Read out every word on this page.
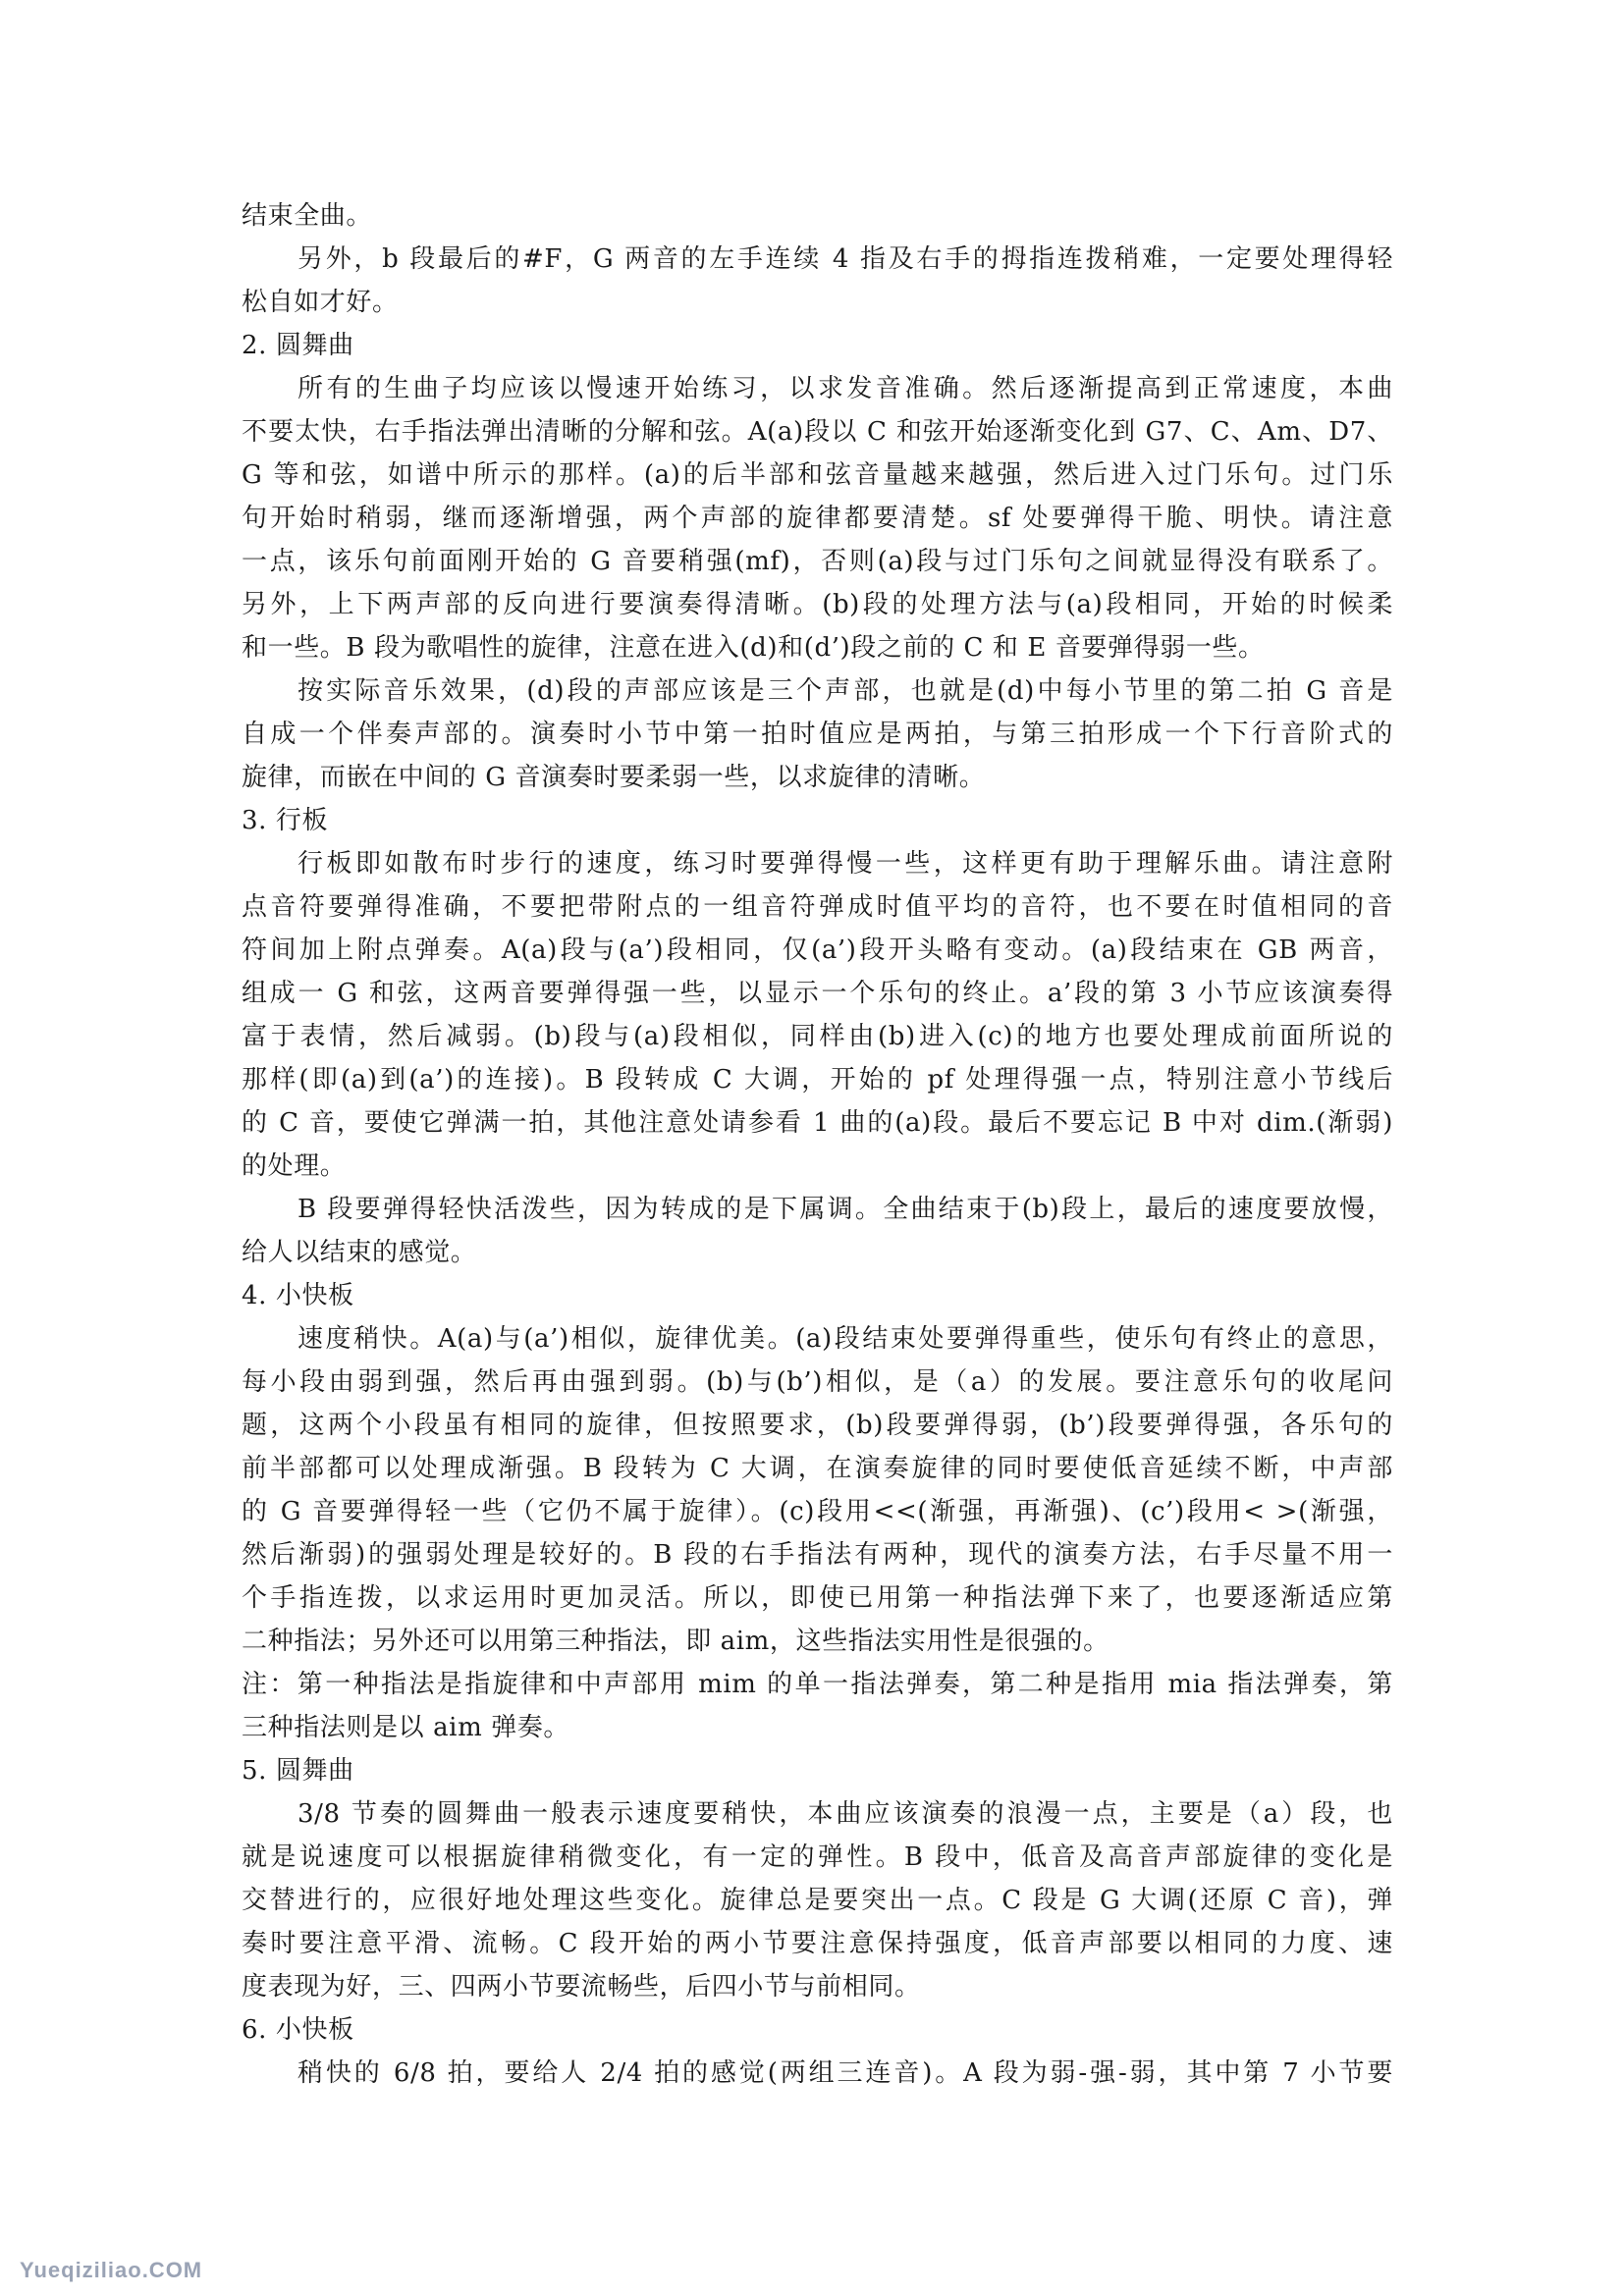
结束全曲。
另外，b 段最后的#F，G 两音的左手连续 4 指及右手的拇指连拨稍难，一定要处理得轻
松自如才好。
2. 圆舞曲
所有的生曲子均应该以慢速开始练习，以求发音准确。然后逐渐提高到正常速度，本曲
不要太快，右手指法弹出清晰的分解和弦。A(a)段以 C 和弦开始逐渐变化到 G7、C、Am、D7、
G 等和弦，如谱中所示的那样。(a)的后半部和弦音量越来越强，然后进入过门乐句。过门乐
句开始时稍弱，继而逐渐增强，两个声部的旋律都要清楚。sf 处要弹得干脆、明快。请注意
一点，该乐句前面刚开始的 G 音要稍强(mf)，否则(a)段与过门乐句之间就显得没有联系了。
另外，上下两声部的反向进行要演奏得清晰。(b)段的处理方法与(a)段相同，开始的时候柔
和一些。B 段为歌唱性的旋律，注意在进入(d)和(d’)段之前的 C 和 E 音要弹得弱一些。
按实际音乐效果，(d)段的声部应该是三个声部，也就是(d)中每小节里的第二拍 G 音是
自成一个伴奏声部的。演奏时小节中第一拍时值应是两拍，与第三拍形成一个下行音阶式的
旋律，而嵌在中间的 G 音演奏时要柔弱一些，以求旋律的清晰。
3. 行板
行板即如散布时步行的速度，练习时要弹得慢一些，这样更有助于理解乐曲。请注意附
点音符要弹得准确，不要把带附点的一组音符弹成时值平均的音符，也不要在时值相同的音
符间加上附点弹奏。A(a)段与(a’)段相同，仅(a’)段开头略有变动。(a)段结束在 GB 两音，
组成一 G 和弦，这两音要弹得强一些，以显示一个乐句的终止。a’段的第 3 小节应该演奏得
富于表情，然后减弱。(b)段与(a)段相似，同样由(b)进入(c)的地方也要处理成前面所说的
那样(即(a)到(a’)的连接)。B 段转成 C 大调，开始的 pf 处理得强一点，特别注意小节线后
的 C 音，要使它弹满一拍，其他注意处请参看 1 曲的(a)段。最后不要忘记 B 中对 dim.(渐弱)
的处理。
B 段要弹得轻快活泼些，因为转成的是下属调。全曲结束于(b)段上，最后的速度要放慢，
给人以结束的感觉。
4. 小快板
速度稍快。A(a)与(a’)相似，旋律优美。(a)段结束处要弹得重些，使乐句有终止的意思，
每小段由弱到强，然后再由强到弱。(b)与(b’)相似，是（a）的发展。要注意乐句的收尾问
题，这两个小段虽有相同的旋律，但按照要求，(b)段要弹得弱，(b’)段要弹得强，各乐句的
前半部都可以处理成渐强。B 段转为 C 大调，在演奏旋律的同时要使低音延续不断，中声部
的 G 音要弹得轻一些（它仍不属于旋律）。(c)段用<<(渐强，再渐强)、(c’)段用< >(渐强，
然后渐弱)的强弱处理是较好的。B 段的右手指法有两种，现代的演奏方法，右手尽量不用一
个手指连拨，以求运用时更加灵活。所以，即使已用第一种指法弹下来了，也要逐渐适应第
二种指法；另外还可以用第三种指法，即 aim，这些指法实用性是很强的。
注：第一种指法是指旋律和中声部用 mim 的单一指法弹奏，第二种是指用 mia 指法弹奏，第
三种指法则是以 aim 弹奏。
5. 圆舞曲
3/8 节奏的圆舞曲一般表示速度要稍快，本曲应该演奏的浪漫一点，主要是（a）段，也
就是说速度可以根据旋律稍微变化，有一定的弹性。B 段中，低音及高音声部旋律的变化是
交替进行的，应很好地处理这些变化。旋律总是要突出一点。C 段是 G 大调(还原 C 音)，弹
奏时要注意平滑、流畅。C 段开始的两小节要注意保持强度，低音声部要以相同的力度、速
度表现为好，三、四两小节要流畅些，后四小节与前相同。
6. 小快板
稍快的 6/8 拍，要给人 2/4 拍的感觉(两组三连音)。A 段为弱-强-弱，其中第 7 小节要
Yueqiziliao.COM
